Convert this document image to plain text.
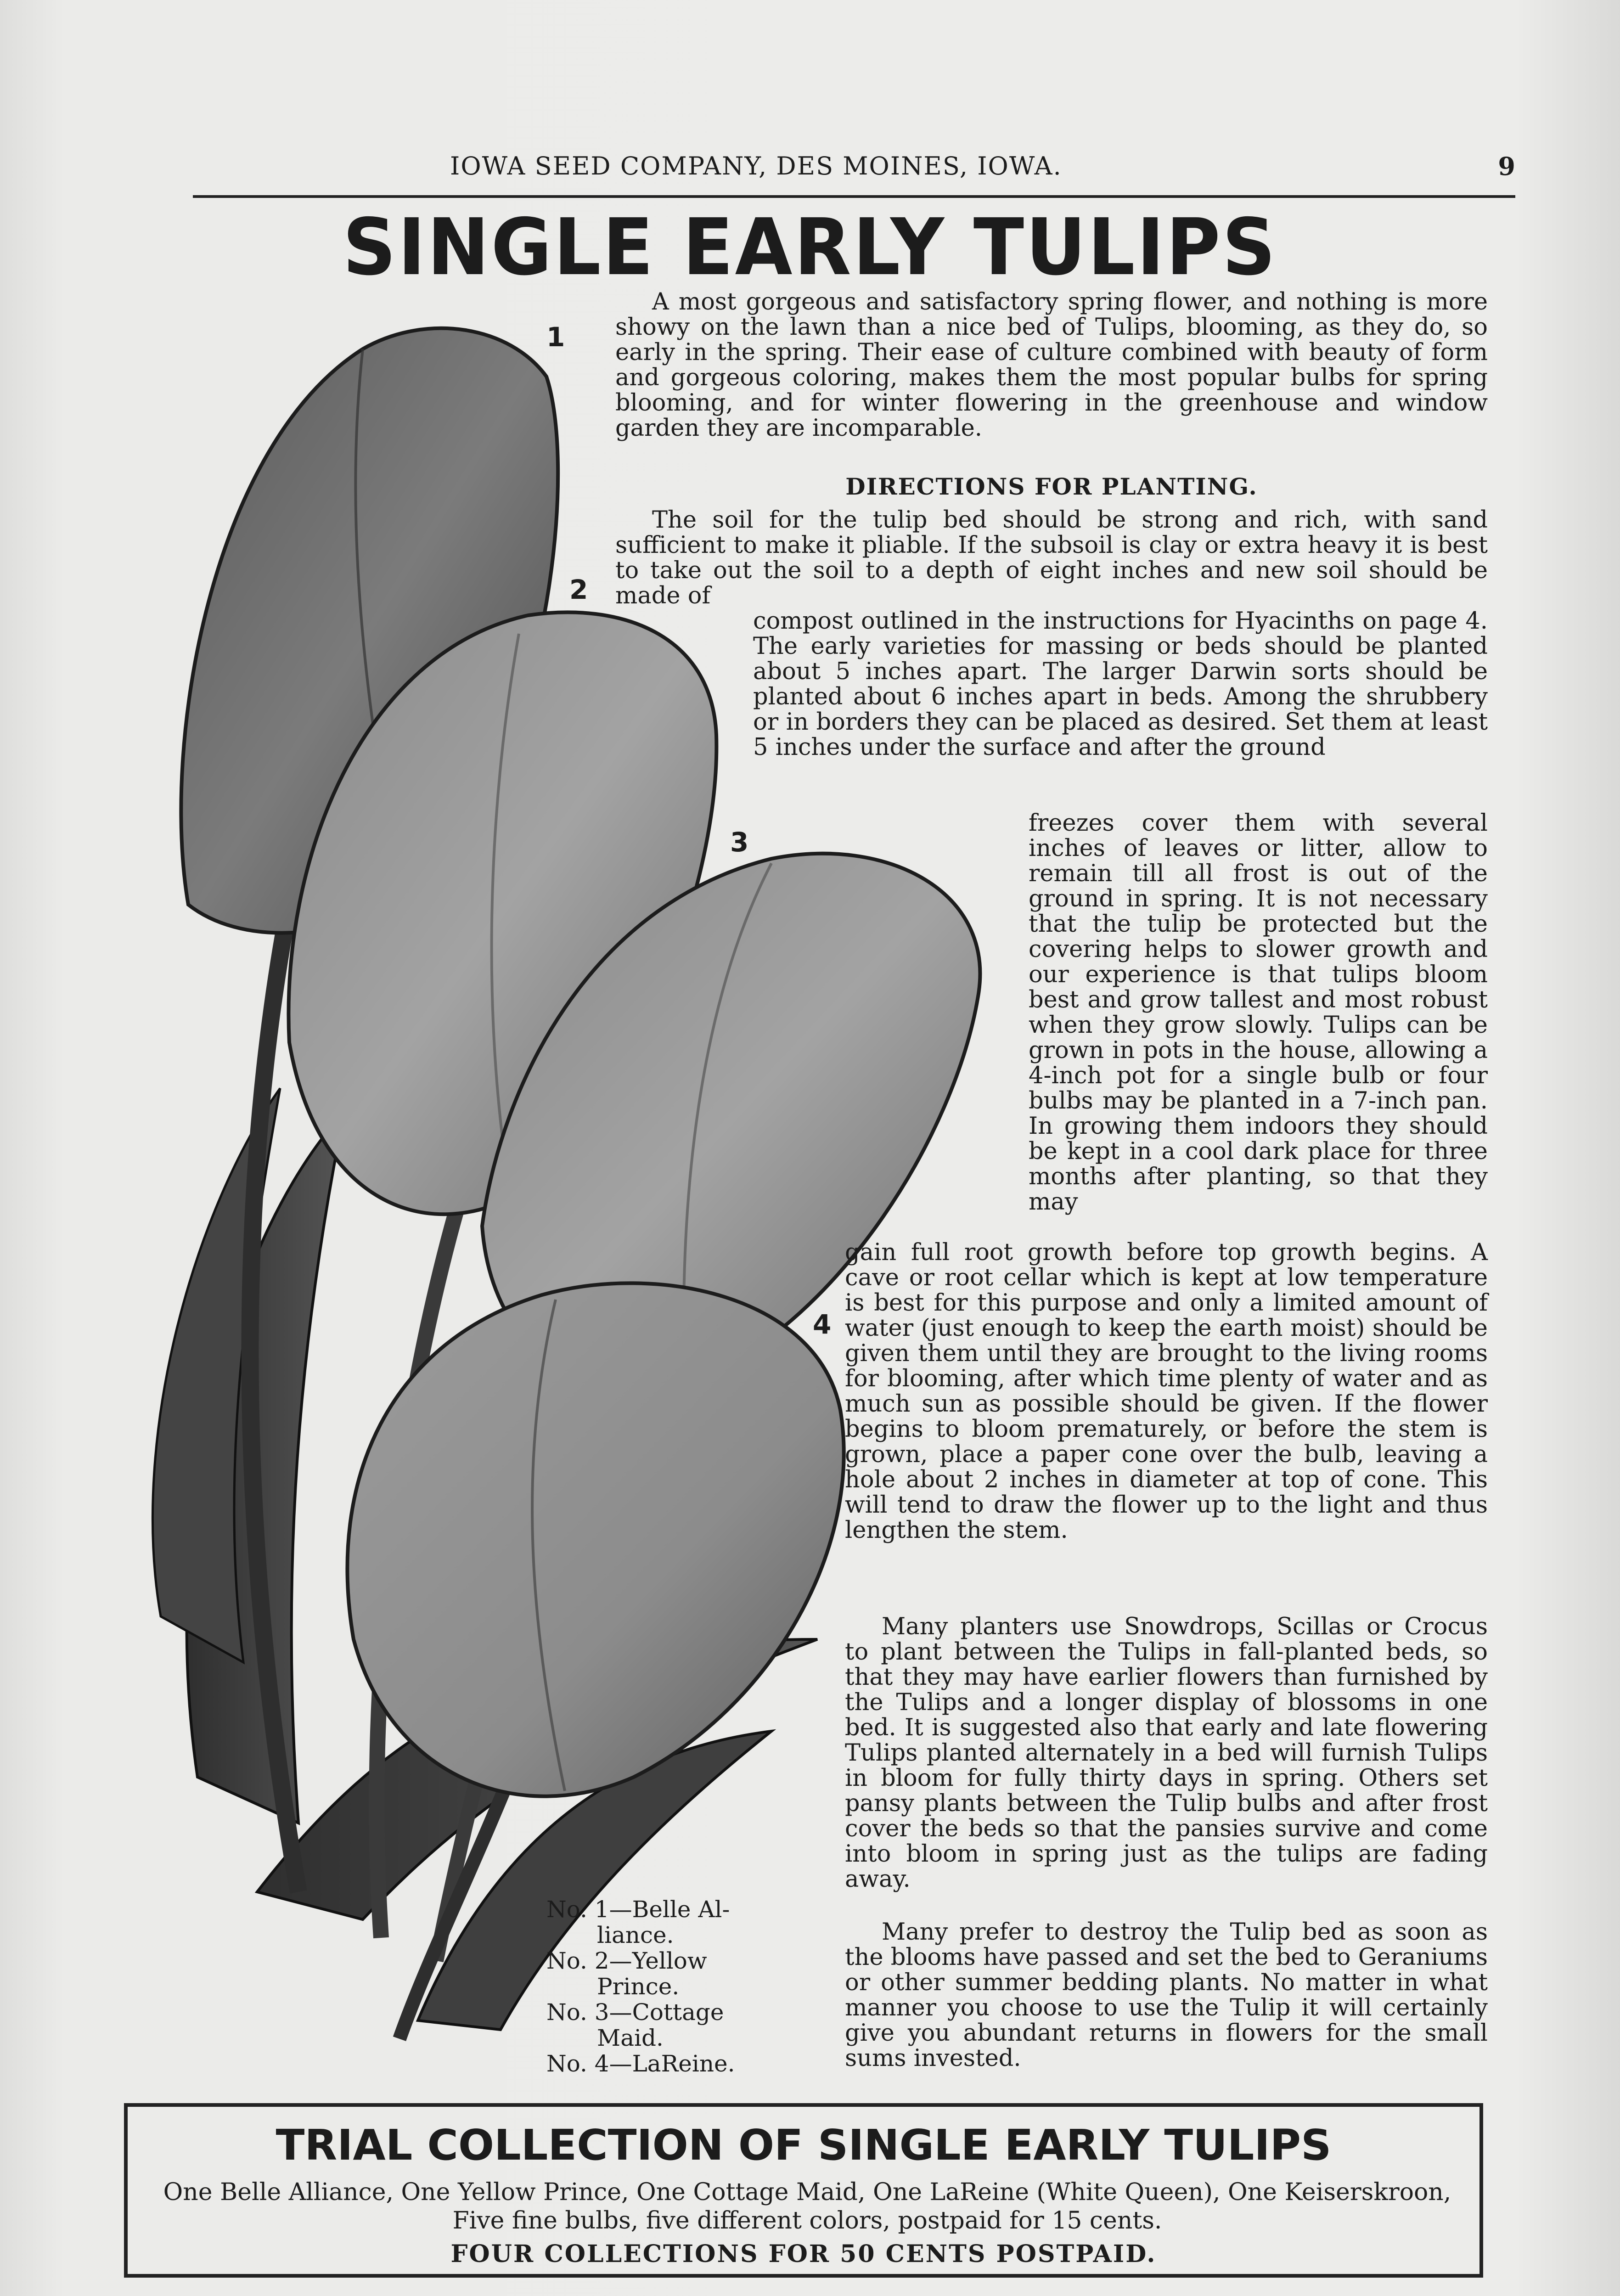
IOWA SEED COMPANY, DES MOINES, IOWA.	9
SINGLE EARLY TULIPS
1
2
3
4
A most gorgeous and satisfactory spring flower, and nothing is more showy on the lawn than a nice bed of Tulips, blooming, as they do, so early in the spring. Their ease of culture combined with beauty of form and gorgeous coloring, makes them the most popular bulbs for spring blooming, and for winter flowering in the greenhouse and window garden they are incomparable.
DIRECTIONS FOR PLANTING.
The soil for the tulip bed should be strong and rich, with sand sufficient to make it pliable. If the subsoil is clay or extra heavy it is best to take out the soil to a depth of eight inches and new soil should be made of
compost outlined in the instructions for Hyacinths on page 4. The early varieties for massing or beds should be planted about 5 inches apart. The larger Darwin sorts should be planted about 6 inches apart in beds. Among the shrubbery or in borders they can be placed as desired. Set them at least 5 inches under the surface and after the ground
freezes cover them with several inches of leaves or litter, allow to remain till all frost is out of the ground in spring. It is not necessary that the tulip be protected but the covering helps to slower growth and our experience is that tulips bloom best and grow tallest and most robust when they grow slowly. Tulips can be grown in pots in the house, allowing a 4-inch pot for a single bulb or four bulbs may be planted in a 7-inch pan. In growing them indoors they should be kept in a cool dark place for three months after planting, so that they may
gain full root growth before top growth begins. A cave or root cellar which is kept at low temperature is best for this purpose and only a limited amount of water (just enough to keep the earth moist) should be given them until they are brought to the living rooms for blooming, after which time plenty of water and as much sun as possible should be given. If the flower begins to bloom prematurely, or before the stem is grown, place a paper cone over the bulb, leaving a hole about 2 inches in diameter at top of cone. This will tend to draw the flower up to the light and thus lengthen the stem.
Many planters use Snowdrops, Scillas or Crocus to plant between the Tulips in fall-planted beds, so that they may have earlier flowers than furnished by the Tulips and a longer display of blossoms in one bed. It is suggested also that early and late flowering Tulips planted alternately in a bed will furnish Tulips in bloom for fully thirty days in spring. Others set pansy plants between the Tulip bulbs and after frost cover the beds so that the pansies survive and come into bloom in spring just as the tulips are fading away.
Many prefer to destroy the Tulip bed as soon as the blooms have passed and set the bed to Geraniums or other summer bedding plants. No matter in what manner you choose to use the Tulip it will certainly give you abundant returns in flowers for the small sums invested.
No. 1—Belle Al-
liance.
No. 2—Yellow
Prince.
No. 3—Cottage
Maid.
No. 4—LaReine.
TRIAL COLLECTION OF SINGLE EARLY TULIPS
One Belle Alliance, One Yellow Prince, One Cottage Maid, One LaReine (White Queen), One Keiserskroon, Five fine bulbs, five different colors, postpaid for 15 cents.
FOUR COLLECTIONS FOR 50 CENTS POSTPAID.
